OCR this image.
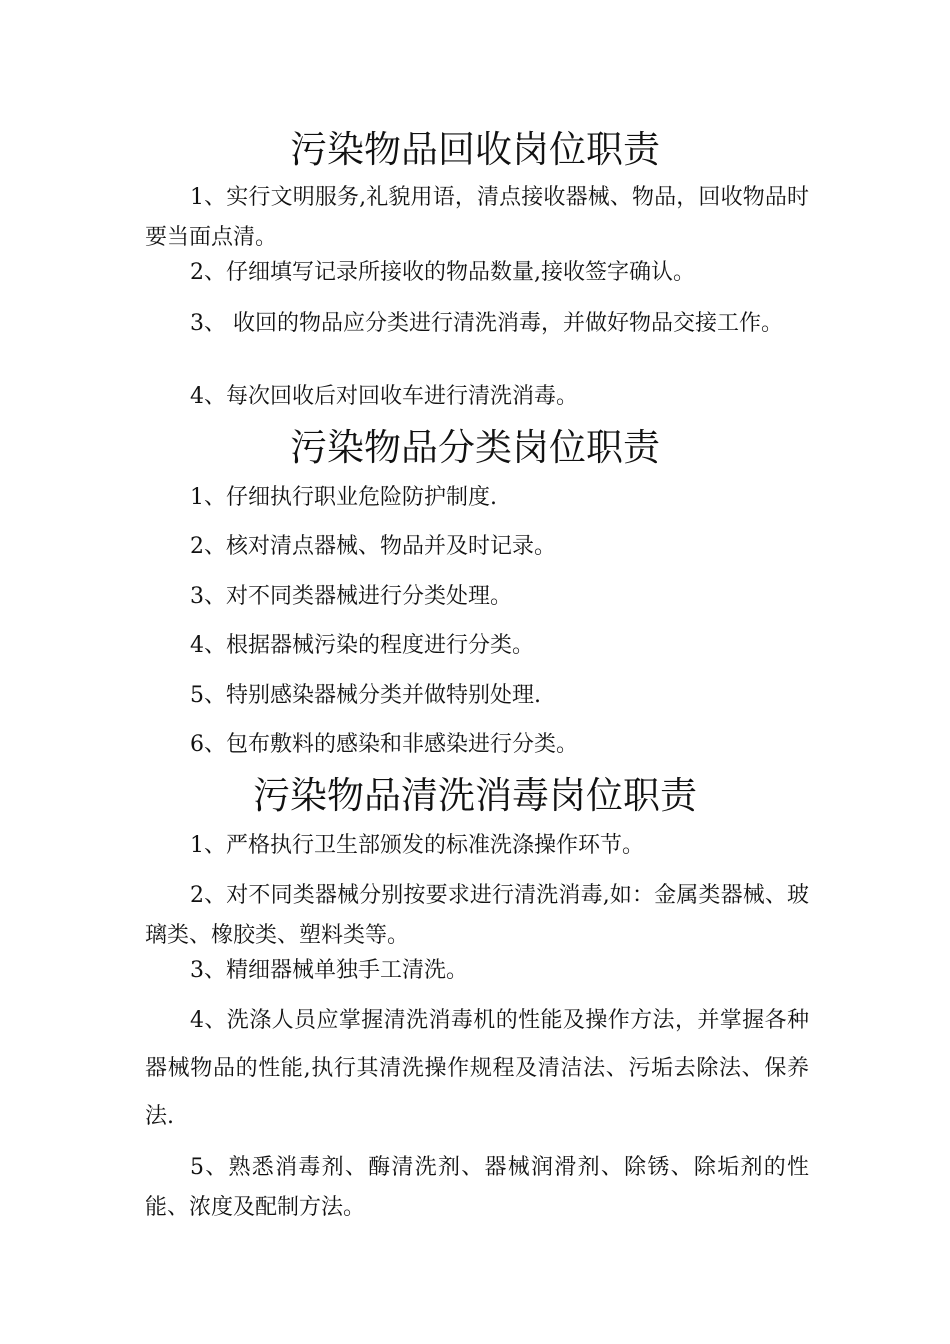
污染物品回收岗位职责

1、实行文明服务,礼貌用语，清点接收器械、物品，回收物品时要当面点清。

2、仔细填写记录所接收的物品数量,接收签字确认。

3、 收回的物品应分类进行清洗消毒，并做好物品交接工作。

4、每次回收后对回收车进行清洗消毒。

污染物品分类岗位职责

1、仔细执行职业危险防护制度.

2、核对清点器械、物品并及时记录。

3、对不同类器械进行分类处理。

4、根据器械污染的程度进行分类。

5、特别感染器械分类并做特别处理.

6、包布敷料的感染和非感染进行分类。

污染物品清洗消毒岗位职责

1、严格执行卫生部颁发的标准洗涤操作环节。

2、对不同类器械分别按要求进行清洗消毒,如：金属类器械、玻璃类、橡胶类、塑料类等。

3、精细器械单独手工清洗。

4、洗涤人员应掌握清洗消毒机的性能及操作方法，并掌握各种器械物品的性能,执行其清洗操作规程及清洁法、污垢去除法、保养法.

5、熟悉消毒剂、酶清洗剂、器械润滑剂、除锈、除垢剂的性能、浓度及配制方法。
